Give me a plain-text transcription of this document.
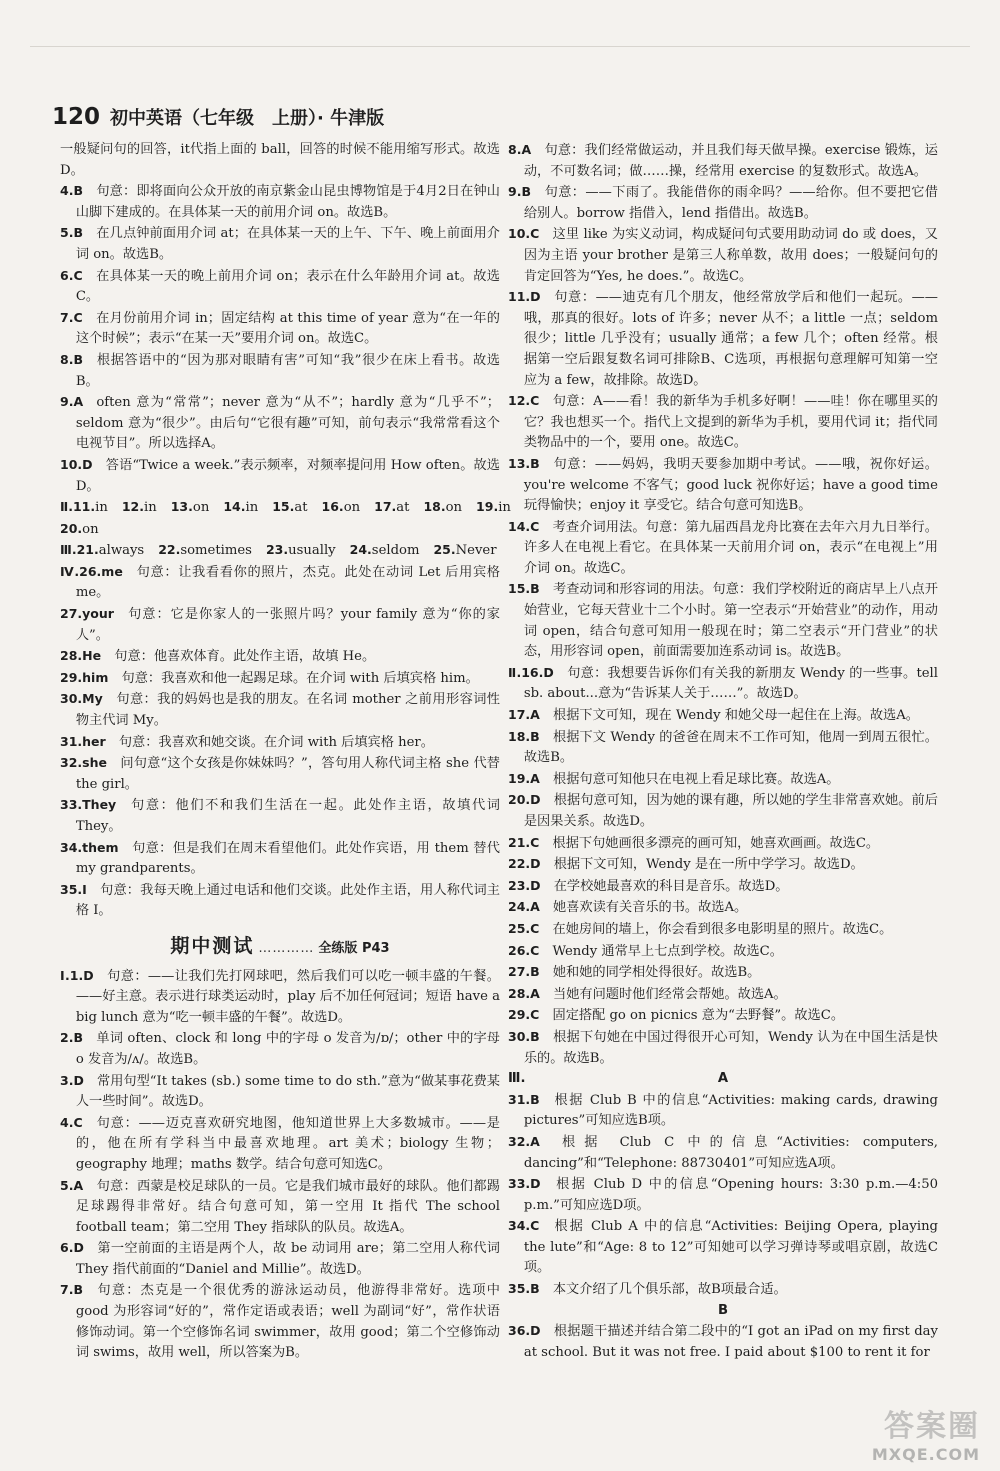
120 初中英语（七年级　上册）· 牛津版
一般疑问句的回答，it代指上面的 ball，回答的时候不能用缩写形式。故选D。
4.B  句意：即将面向公众开放的南京紫金山昆虫博物馆是于4月2日在钟山山脚下建成的。在具体某一天的前用介词 on。故选B。
5.B  在几点钟前面用介词 at；在具体某一天的上午、下午、晚上前面用介词 on。故选B。
6.C  在具体某一天的晚上前用介词 on；表示在什么年龄用介词 at。故选C。
7.C  在月份前用介词 in；固定结构 at this time of year 意为“在一年的这个时候”；表示“在某一天”要用介词 on。故选C。
8.B  根据答语中的“因为那对眼睛有害”可知“我”很少在床上看书。故选B。
9.A  often 意为“常常”；never 意为“从不”；hardly 意为“几乎不”；seldom 意为“很少”。由后句“它很有趣”可知，前句表示“我常常看这个电视节目”。所以选择A。
10.D  答语“Twice a week.”表示频率，对频率提问用 How often。故选D。
Ⅱ.11.in 12.in 13.on 14.in 15.at 16.on 17.at 18.on 19.in
20.on
Ⅲ.21.always 22.sometimes 23.usually 24.seldom 25.Never
Ⅳ.26.me  句意：让我看看你的照片，杰克。此处在动词 Let 后用宾格 me。
27.your  句意：它是你家人的一张照片吗？your family 意为“你的家人”。
28.He  句意：他喜欢体育。此处作主语，故填 He。
29.him  句意：我喜欢和他一起踢足球。在介词 with 后填宾格 him。
30.My  句意：我的妈妈也是我的朋友。在名词 mother 之前用形容词性物主代词 My。
31.her  句意：我喜欢和她交谈。在介词 with 后填宾格 her。
32.she  问句意“这个女孩是你妹妹吗？”，答句用人称代词主格 she 代替 the girl。
33.They  句意：他们不和我们生活在一起。此处作主语，故填代词 They。
34.them  句意：但是我们在周末看望他们。此处作宾语，用 them 替代 my grandparents。
35.I  句意：我每天晚上通过电话和他们交谈。此处作主语，用人称代词主格 I。
期中测试 ………… 全练版 P43
Ⅰ.1.D  句意：——让我们先打网球吧，然后我们可以吃一顿丰盛的午餐。——好主意。表示进行球类运动时，play 后不加任何冠词；短语 have a big lunch 意为“吃一顿丰盛的午餐”。故选D。
2.B  单词 often、clock 和 long 中的字母 o 发音为/ɒ/；other 中的字母 o 发音为/ʌ/。故选B。
3.D  常用句型“It takes (sb.) some time to do sth.”意为“做某事花费某人一些时间”。故选D。
4.C  句意：——迈克喜欢研究地图，他知道世界上大多数城市。——是的，他在所有学科当中最喜欢地理。art 美术；biology 生物；geography 地理；maths 数学。结合句意可知选C。
5.A  句意：西蒙是校足球队的一员。它是我们城市最好的球队。他们都踢足球踢得非常好。结合句意可知，第一空用 It 指代 The school football team；第二空用 They 指球队的队员。故选A。
6.D  第一空前面的主语是两个人，故 be 动词用 are；第二空用人称代词 They 指代前面的“Daniel and Millie”。故选D。
7.B  句意：杰克是一个很优秀的游泳运动员，他游得非常好。选项中 good 为形容词“好的”，常作定语或表语；well 为副词“好”，常作状语修饰动词。第一个空修饰名词 swimmer，故用 good；第二个空修饰动词 swims，故用 well，所以答案为B。
8.A  句意：我们经常做运动，并且我们每天做早操。exercise 锻炼，运动，不可数名词；做……操，经常用 exercise 的复数形式。故选A。
9.B  句意：——下雨了。我能借你的雨伞吗？——给你。但不要把它借给别人。borrow 指借入，lend 指借出。故选B。
10.C  这里 like 为实义动词，构成疑问句式要用助动词 do 或 does，又因为主语 your brother 是第三人称单数，故用 does；一般疑问句的肯定回答为“Yes, he does.”。故选C。
11.D  句意：——迪克有几个朋友，他经常放学后和他们一起玩。——哦，那真的很好。lots of 许多；never 从不；a little 一点；seldom 很少；little 几乎没有；usually 通常；a few 几个；often 经常。根据第一空后跟复数名词可排除B、C选项，再根据句意理解可知第一空应为 a few，故排除。故选D。
12.C  句意：A——看！我的新华为手机多好啊！——哇！你在哪里买的它？我也想买一个。指代上文提到的新华为手机，要用代词 it；指代同类物品中的一个，要用 one。故选C。
13.B  句意：——妈妈，我明天要参加期中考试。——哦，祝你好运。you're welcome 不客气；good luck 祝你好运；have a good time 玩得愉快；enjoy it 享受它。结合句意可知选B。
14.C  考查介词用法。句意：第九届西昌龙舟比赛在去年六月九日举行。许多人在电视上看它。在具体某一天前用介词 on，表示“在电视上”用介词 on。故选C。
15.B  考查动词和形容词的用法。句意：我们学校附近的商店早上八点开始营业，它每天营业十二个小时。第一空表示“开始营业”的动作，用动词 open，结合句意可知用一般现在时；第二空表示“开门营业”的状态，用形容词 open，前面需要加连系动词 is。故选B。
Ⅱ.16.D  句意：我想要告诉你们有关我的新朋友 Wendy 的一些事。tell sb. about...意为“告诉某人关于……”。故选D。
17.A  根据下文可知，现在 Wendy 和她父母一起住在上海。故选A。
18.B  根据下文 Wendy 的爸爸在周末不工作可知，他周一到周五很忙。故选B。
19.A  根据句意可知他只在电视上看足球比赛。故选A。
20.D  根据句意可知，因为她的课有趣，所以她的学生非常喜欢她。前后是因果关系。故选D。
21.C  根据下句她画很多漂亮的画可知，她喜欢画画。故选C。
22.D  根据下文可知，Wendy 是在一所中学学习。故选D。
23.D  在学校她最喜欢的科目是音乐。故选D。
24.A  她喜欢读有关音乐的书。故选A。
25.C  在她房间的墙上，你会看到很多电影明星的照片。故选C。
26.C  Wendy 通常早上七点到学校。故选C。
27.B  她和她的同学相处得很好。故选B。
28.A  当她有问题时他们经常会帮她。故选A。
29.C  固定搭配 go on picnics 意为“去野餐”。故选C。
30.B  根据下句她在中国过得很开心可知，Wendy 认为在中国生活是快乐的。故选B。
Ⅲ.	A
31.B  根据 Club B 中的信息“Activities: making cards, drawing pictures”可知应选B项。
32.A  根据 Club C 中的信息“Activities: computers, dancing”和“Telephone: 88730401”可知应选A项。
33.D  根据 Club D 中的信息“Opening hours: 3:30 p.m.—4:50 p.m.”可知应选D项。
34.C  根据 Club A 中的信息“Activities: Beijing Opera, playing the lute”和“Age: 8 to 12”可知她可以学习弹诗琴或唱京剧，故选C项。
35.B  本文介绍了几个俱乐部，故B项最合适。
B
36.D  根据题干描述并结合第二段中的“I got an iPad on my first day at school. But it was not free. I paid about $100 to rent it for
答案圈
MXQE.COM
